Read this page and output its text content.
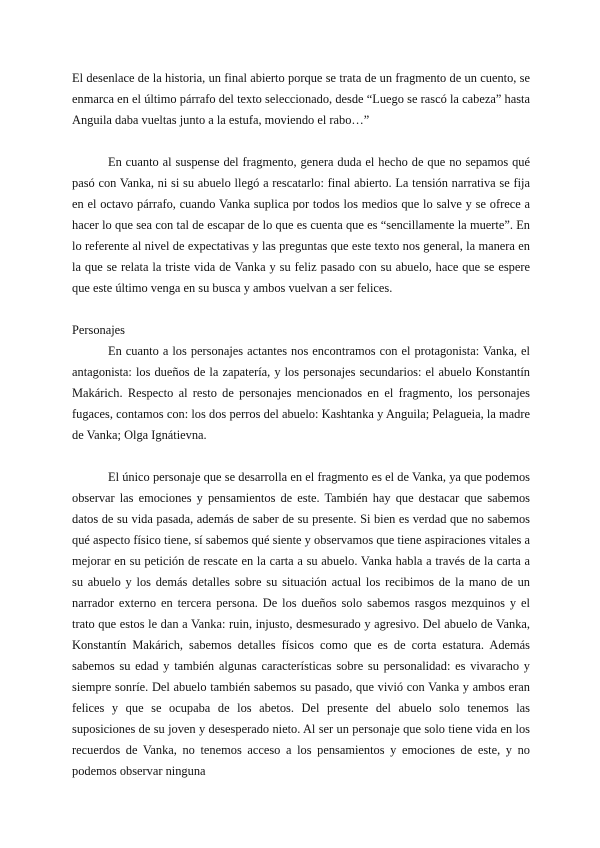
El desenlace de la historia, un final abierto porque se trata de un fragmento de un cuento, se enmarca en el último párrafo del texto seleccionado, desde “Luego se rascó la cabeza” hasta Anguila daba vueltas junto a la estufa, moviendo el rabo…”

En cuanto al suspense del fragmento, genera duda el hecho de que no sepamos qué pasó con Vanka, ni si su abuelo llegó a rescatarlo: final abierto. La tensión narrativa se fija en el octavo párrafo, cuando Vanka suplica por todos los medios que lo salve y se ofrece a hacer lo que sea con tal de escapar de lo que es cuenta que es “sencillamente la muerte”. En lo referente al nivel de expectativas y las preguntas que este texto nos general, la manera en la que se relata la triste vida de Vanka y su feliz pasado con su abuelo, hace que se espere que este último venga en su busca y ambos vuelvan a ser felices.

Personajes

En cuanto a los personajes actantes nos encontramos con el protagonista: Vanka, el antagonista: los dueños de la zapatería, y los personajes secundarios: el abuelo Konstantín Makárich. Respecto al resto de personajes mencionados en el fragmento, los personajes fugaces, contamos con: los dos perros del abuelo: Kashtanka y Anguila; Pelagueia, la madre de Vanka; Olga Ignátievna.

El único personaje que se desarrolla en el fragmento es el de Vanka, ya que podemos observar las emociones y pensamientos de este. También hay que destacar que sabemos datos de su vida pasada, además de saber de su presente. Si bien es verdad que no sabemos qué aspecto físico tiene, sí sabemos qué siente y observamos que tiene aspiraciones vitales a mejorar en su petición de rescate en la carta a su abuelo. Vanka habla a través de la carta a su abuelo y los demás detalles sobre su situación actual los recibimos de la mano de un narrador externo en tercera persona. De los dueños solo sabemos rasgos mezquinos y el trato que estos le dan a Vanka: ruin, injusto, desmesurado y agresivo. Del abuelo de Vanka, Konstantín Makárich, sabemos detalles físicos como que es de corta estatura. Además sabemos su edad y también algunas características sobre su personalidad: es vivaracho y siempre sonríe. Del abuelo también sabemos su pasado, que vivió con Vanka y ambos eran felices y que se ocupaba de los abetos. Del presente del abuelo solo tenemos las suposiciones de su joven y desesperado nieto. Al ser un personaje que solo tiene vida en los recuerdos de Vanka, no tenemos acceso a los pensamientos y emociones de este, y no podemos observar ninguna
